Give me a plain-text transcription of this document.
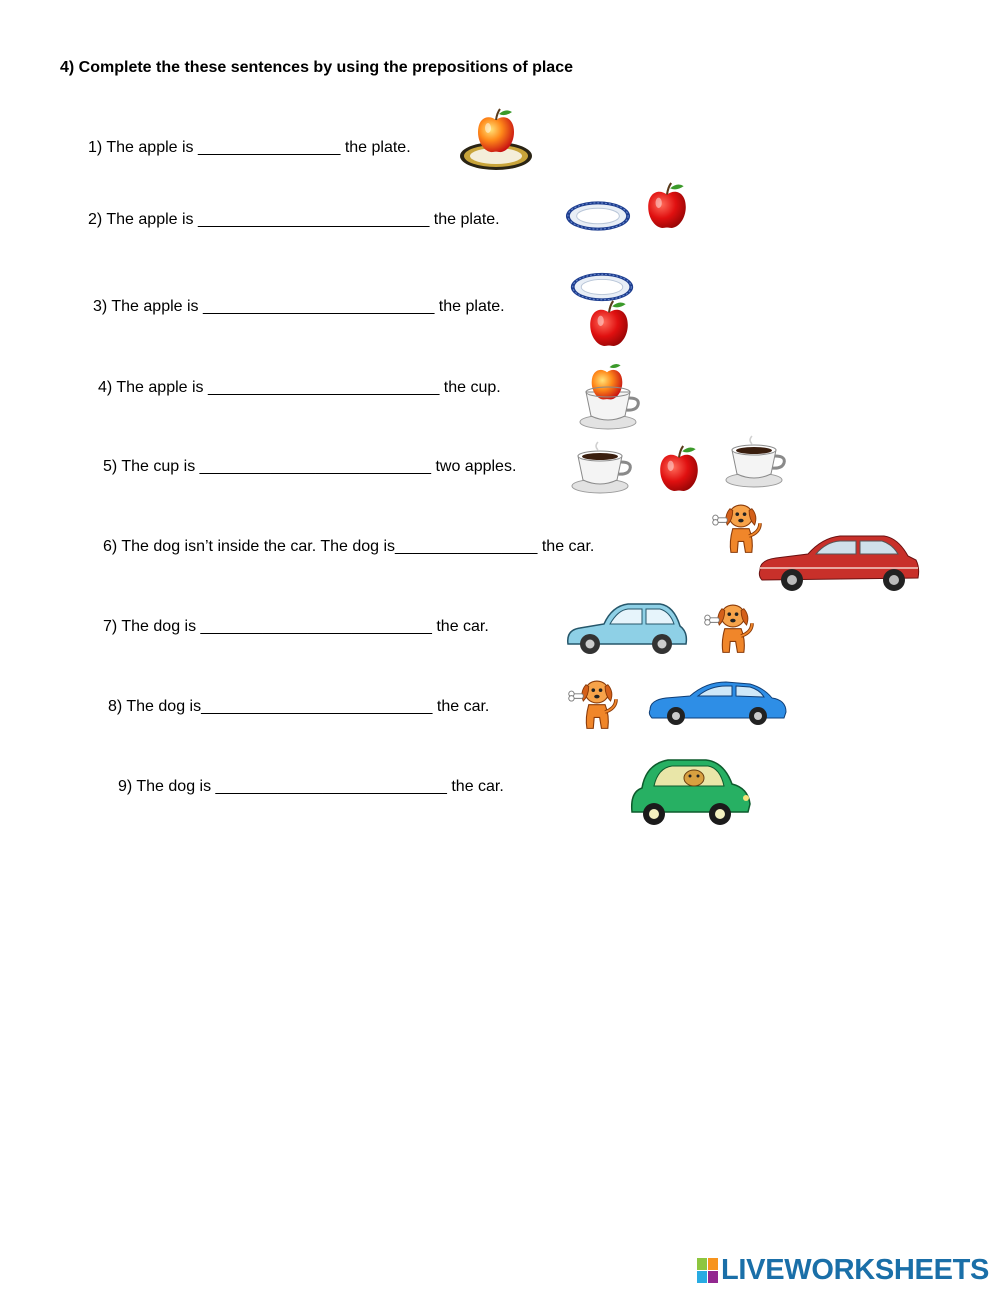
4) Complete the these sentences by using the prepositions of place
1) The apple is ________________ the plate.
2) The apple is __________________________ the plate.
3) The apple is __________________________ the plate.
4) The apple is __________________________ the cup.
5) The cup is __________________________ two apples.
6) The dog isn’t inside the car. The dog is________________ the car.
7) The dog is __________________________ the car.
8) The dog is__________________________ the car.
9) The dog is __________________________ the car.
LIVEWORKSHEETS
